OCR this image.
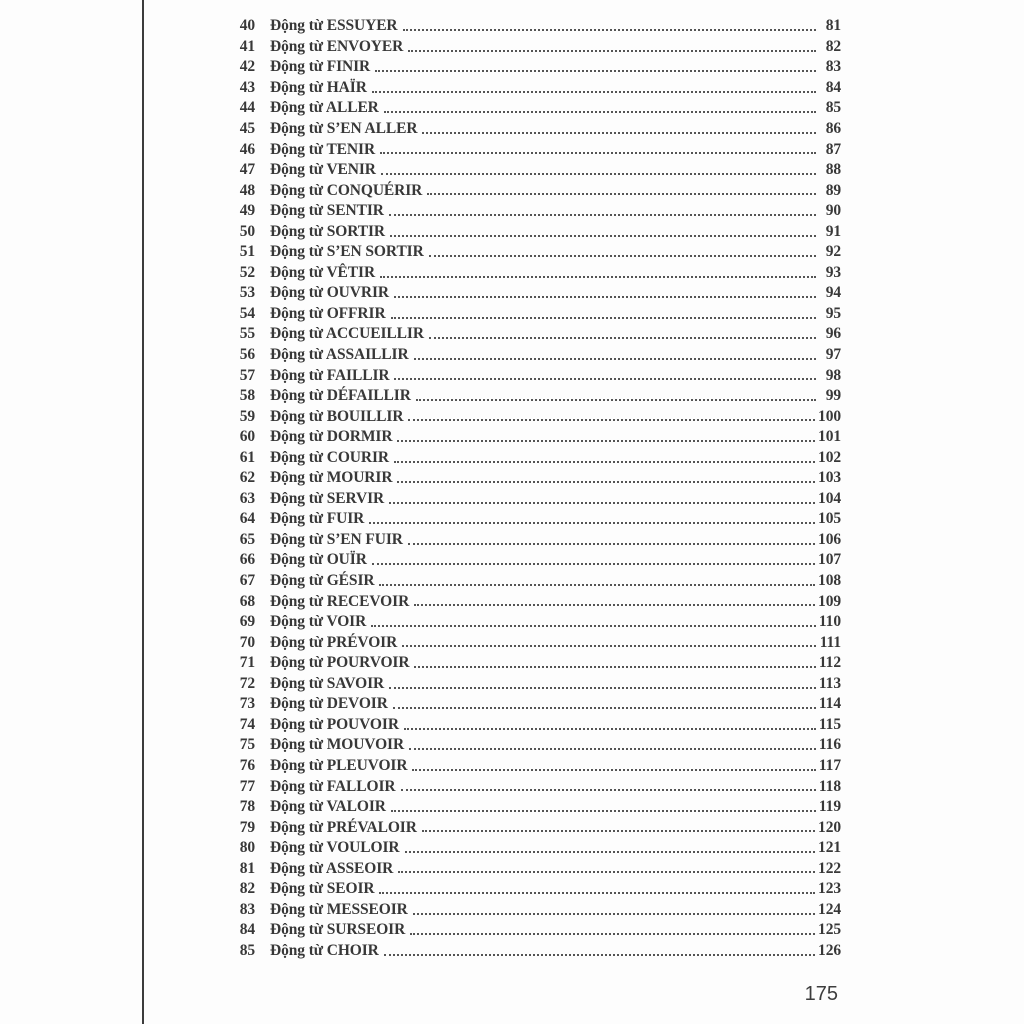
40 Động từ ESSUYER	81
41 Động từ ENVOYER	82
42 Động từ FINIR	83
43 Động từ HAÏR	84
44 Động từ ALLER	85
45 Động từ S’EN ALLER	86
46 Động từ TENIR	87
47 Động từ VENIR	88
48 Động từ CONQUÉRIR	89
49 Động từ SENTIR	90
50 Động từ SORTIR	91
51 Động từ S’EN SORTIR	92
52 Động từ VÊTIR	93
53 Động từ OUVRIR	94
54 Động từ OFFRIR	95
55 Động từ ACCUEILLIR	96
56 Động từ ASSAILLIR	97
57 Động từ FAILLIR	98
58 Động từ DÉFAILLIR	99
59 Động từ BOUILLIR	100
60 Động từ DORMIR	101
61 Động từ COURIR	102
62 Động từ MOURIR	103
63 Động từ SERVIR	104
64 Động từ FUIR	105
65 Động từ S’EN FUIR	106
66 Động từ OUÏR	107
67 Động từ GÉSIR	108
68 Động từ RECEVOIR	109
69 Động từ VOIR	110
70 Động từ PRÉVOIR	111
71 Động từ POURVOIR	112
72 Động từ SAVOIR	113
73 Động từ DEVOIR	114
74 Động từ POUVOIR	115
75 Động từ MOUVOIR	116
76 Động từ PLEUVOIR	117
77 Động từ FALLOIR	118
78 Động từ VALOIR	119
79 Động từ PRÉVALOIR	120
80 Động từ VOULOIR	121
81 Động từ ASSEOIR	122
82 Động từ SEOIR	123
83 Động từ MESSEOIR	124
84 Động từ SURSEOIR	125
85 Động từ CHOIR	126
175
